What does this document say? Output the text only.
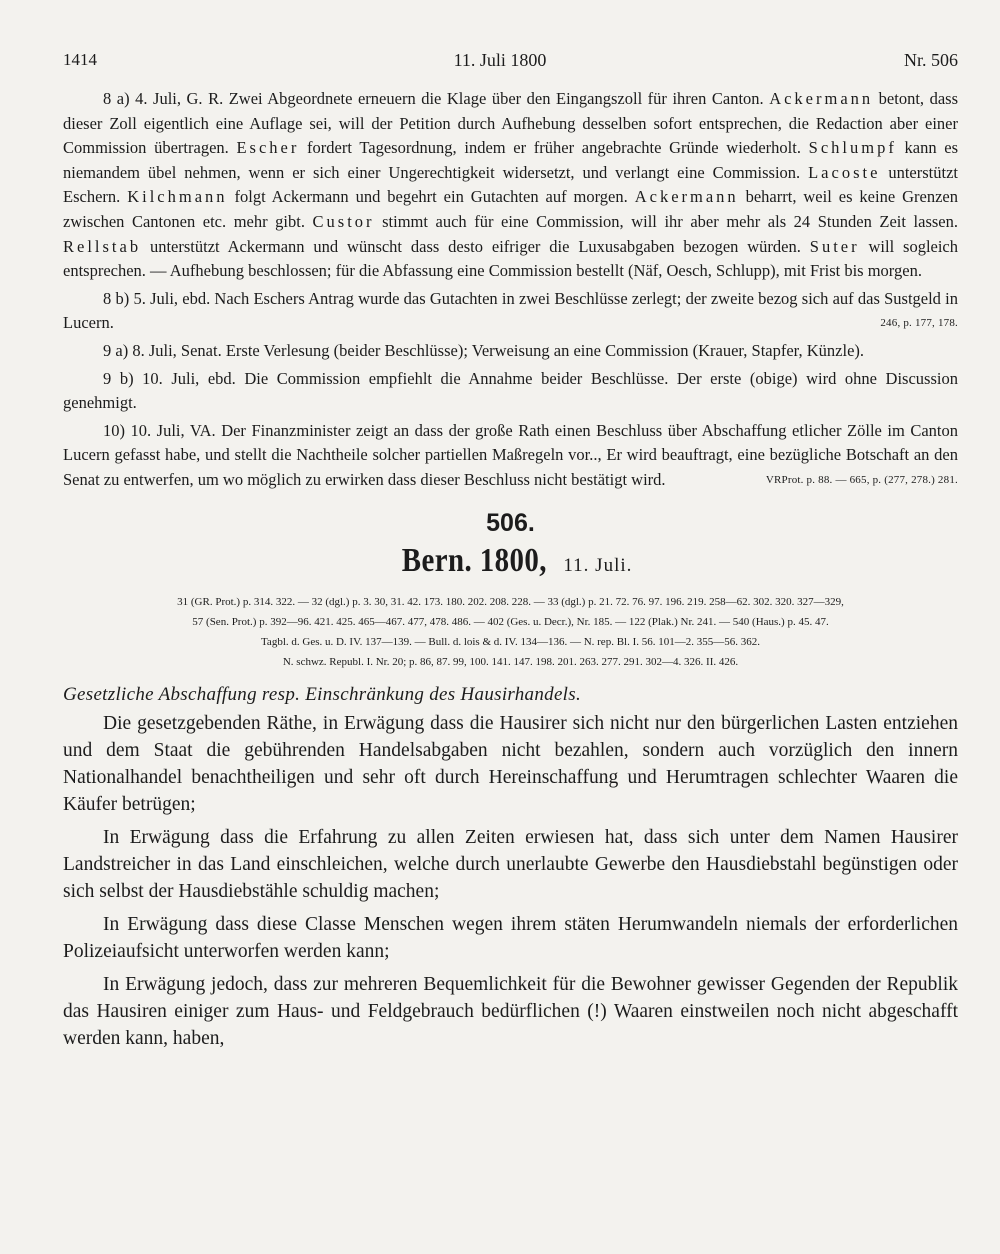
1414	11. Juli 1800	Nr. 506

8 a) 4. Juli, G. R. Zwei Abgeordnete erneuern die Klage über den Eingangszoll für ihren Canton. Ackermann betont, dass dieser Zoll eigentlich eine Auflage sei, will der Petition durch Aufhebung desselben sofort entsprechen, die Redaction aber einer Commission übertragen. Escher fordert Tagesordnung, indem er früher angebrachte Gründe wiederholt. Schlumpf kann es niemandem übel nehmen, wenn er sich einer Ungerechtigkeit widersetzt, und verlangt eine Commission. Lacoste unterstützt Eschern. Kilchmann folgt Ackermann und begehrt ein Gutachten auf morgen. Ackermann beharrt, weil es keine Grenzen zwischen Cantonen etc. mehr gibt. Custor stimmt auch für eine Commission, will ihr aber mehr als 24 Stunden Zeit lassen. Rellstab unterstützt Ackermann und wünscht dass desto eifriger die Luxusabgaben bezogen würden. Suter will sogleich entsprechen. — Aufhebung beschlossen; für die Abfassung eine Commission bestellt (Näf, Oesch, Schlupp), mit Frist bis morgen.

8 b) 5. Juli, ebd. Nach Eschers Antrag wurde das Gutachten in zwei Beschlüsse zerlegt; der zweite bezog sich auf das Sustgeld in Lucern.	246, p. 177, 178.

9 a) 8. Juli, Senat. Erste Verlesung (beider Beschlüsse); Verweisung an eine Commission (Krauer, Stapfer, Künzle).

9 b) 10. Juli, ebd. Die Commission empfiehlt die Annahme beider Beschlüsse. Der erste (obige) wird ohne Discussion genehmigt.

10) 10. Juli, VA. Der Finanzminister zeigt an dass der große Rath einen Beschluss über Abschaffung etlicher Zölle im Canton Lucern gefasst habe, und stellt die Nachtheile solcher partiellen Maßregeln vor.., Er wird beauftragt, eine bezügliche Botschaft an den Senat zu entwerfen, um wo möglich zu erwirken dass dieser Beschluss nicht bestätigt wird.	VRProt. p. 88. — 665, p. (277, 278.) 281.

506.
Bern. 1800, 11. Juli.
31 (GR. Prot.) p. 314. 322. — 32 (dgl.) p. 3. 30, 31. 42. 173. 180. 202. 208. 228. — 33 (dgl.) p. 21. 72. 76. 97. 196. 219. 258—62. 302. 320. 327—329,
57 (Sen. Prot.) p. 392—96. 421. 425. 465—467. 477, 478. 486. — 402 (Ges. u. Decr.), Nr. 185. — 122 (Plak.) Nr. 241. — 540 (Haus.) p. 45. 47.
Tagbl. d. Ges. u. D. IV. 137—139. — Bull. d. lois & d. IV. 134—136. — N. rep. Bl. I. 56. 101—2. 355—56. 362.
N. schwz. Republ. I. Nr. 20; p. 86, 87. 99, 100. 141. 147. 198. 201. 263. 277. 291. 302—4. 326. II. 426.
Gesetzliche Abschaffung resp. Einschränkung des Hausirhandels.

Die gesetzgebenden Räthe, in Erwägung dass die Hausirer sich nicht nur den bürgerlichen Lasten entziehen und dem Staat die gebührenden Handelsabgaben nicht bezahlen, sondern auch vorzüglich den innern Nationalhandel benachtheiligen und sehr oft durch Hereinschaffung und Herumtragen schlechter Waaren die Käufer betrügen;

In Erwägung dass die Erfahrung zu allen Zeiten erwiesen hat, dass sich unter dem Namen Hausirer Landstreicher in das Land einschleichen, welche durch unerlaubte Gewerbe den Hausdiebstahl begünstigen oder sich selbst der Hausdiebstähle schuldig machen;

In Erwägung dass diese Classe Menschen wegen ihrem stäten Herumwandeln niemals der erforderlichen Polizeiaufsicht unterworfen werden kann;

In Erwägung jedoch, dass zur mehreren Bequemlichkeit für die Bewohner gewisser Gegenden der Republik das Hausiren einiger zum Haus- und Feldgebrauch bedürflichen (!) Waaren einstweilen noch nicht abgeschafft werden kann, haben,
